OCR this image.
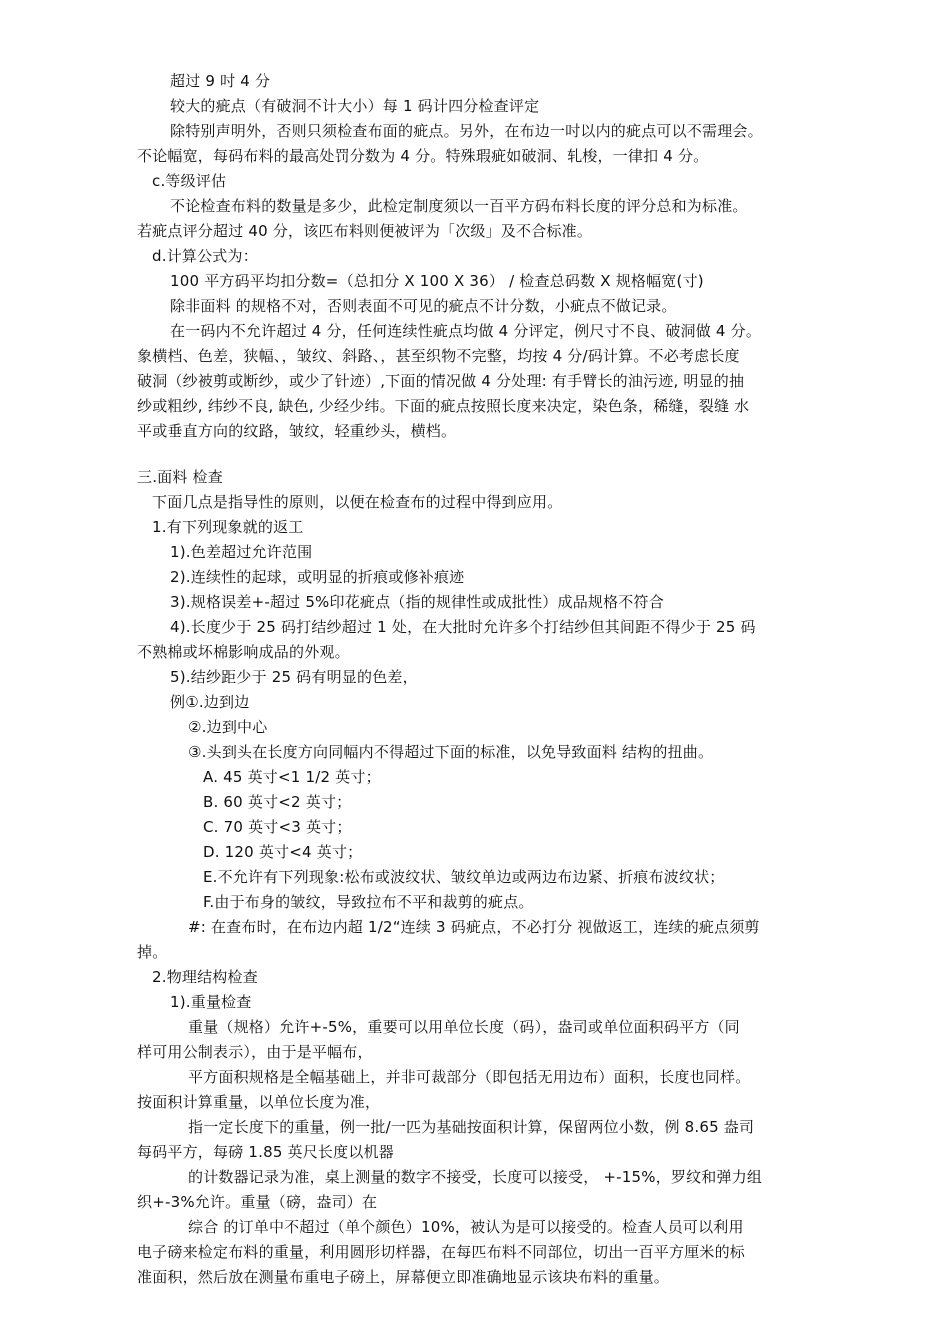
超过 9 吋 4 分
较大的疵点（有破洞不计大小）每 1 码计四分检查评定
除特别声明外，否则只须检查布面的疵点。另外，在布边一吋以内的疵点可以不需理会。
不论幅宽，每码布料的最高处罚分数为 4 分。特殊瑕疵如破洞、轧梭，一律扣 4 分。
c.等级评估
不论检查布料的数量是多少，此检定制度须以一百平方码布料长度的评分总和为标准。
若疵点评分超过 40 分，该匹布料则便被评为「次级」及不合标准。
d.计算公式为：
100 平方码平均扣分数=（总扣分 X 100 X 36） / 检查总码数 X 规格幅宽(寸)
除非面料 的规格不对，否则表面不可见的疵点不计分数，小疵点不做记录。
在一码内不允许超过 4 分，任何连续性疵点均做 4 分评定，例尺寸不良、破洞做 4 分。
象横档、色差，狭幅、，皱纹、斜路、，甚至织物不完整，均按 4 分/码计算。不必考虑长度
破洞（纱被剪或断纱，或少了针迹）,下面的情况做 4 分处理: 有手臂长的油污迹, 明显的抽
纱或粗纱, 纬纱不良, 缺色, 少经少纬。下面的疵点按照长度来决定，染色条，稀缝，裂缝 水
平或垂直方向的纹路，皱纹，轻重纱头，横档。
三.面料 检查
下面几点是指导性的原则，以便在检查布的过程中得到应用。
1.有下列现象就的返工
1).色差超过允许范围
2).连续性的起球，或明显的折痕或修补痕迹
3).规格误差+-超过 5%印花疵点（指的规律性或成批性）成品规格不符合
4).长度少于 25 码打结纱超过 1 处，在大批时允许多个打结纱但其间距不得少于 25 码
不熟棉或坏棉影响成品的外观。
5).结纱距少于 25 码有明显的色差，
例①.边到边
②.边到中心
③.头到头在长度方向同幅内不得超过下面的标准，以免导致面料 结构的扭曲。
A. 45 英寸<1 1/2 英寸；
B. 60 英寸<2 英寸；
C. 70 英寸<3 英寸；
D. 120 英寸<4 英寸；
E.不允许有下列现象:松布或波纹状、皱纹单边或两边布边紧、折痕布波纹状；
F.由于布身的皱纹，导致拉布不平和裁剪的疵点。
#: 在查布时，在布边内超 1/2“连续 3 码疵点，不必打分 视做返工，连续的疵点须剪
掉。
2.物理结构检查
1).重量检查
重量（规格）允许+-5%，重要可以用单位长度（码），盎司或单位面积码平方（同
样可用公制表示），由于是平幅布，
平方面积规格是全幅基础上，并非可裁部分（即包括无用边布）面积，长度也同样。
按面积计算重量，以单位长度为准，
指一定长度下的重量，例一批/一匹为基础按面积计算，保留两位小数，例 8.65 盎司
每码平方，每磅 1.85 英尺长度以机器
的计数器记录为准，桌上测量的数字不接受，长度可以接受， +-15%，罗纹和弹力组
织+-3%允许。重量（磅，盎司）在
综合 的订单中不超过（单个颜色）10%，被认为是可以接受的。检查人员可以利用
电子磅来检定布料的重量，利用圆形切样器，在每匹布料不同部位，切出一百平方厘米的标
准面积，然后放在测量布重电子磅上，屏幕便立即准确地显示该块布料的重量。
